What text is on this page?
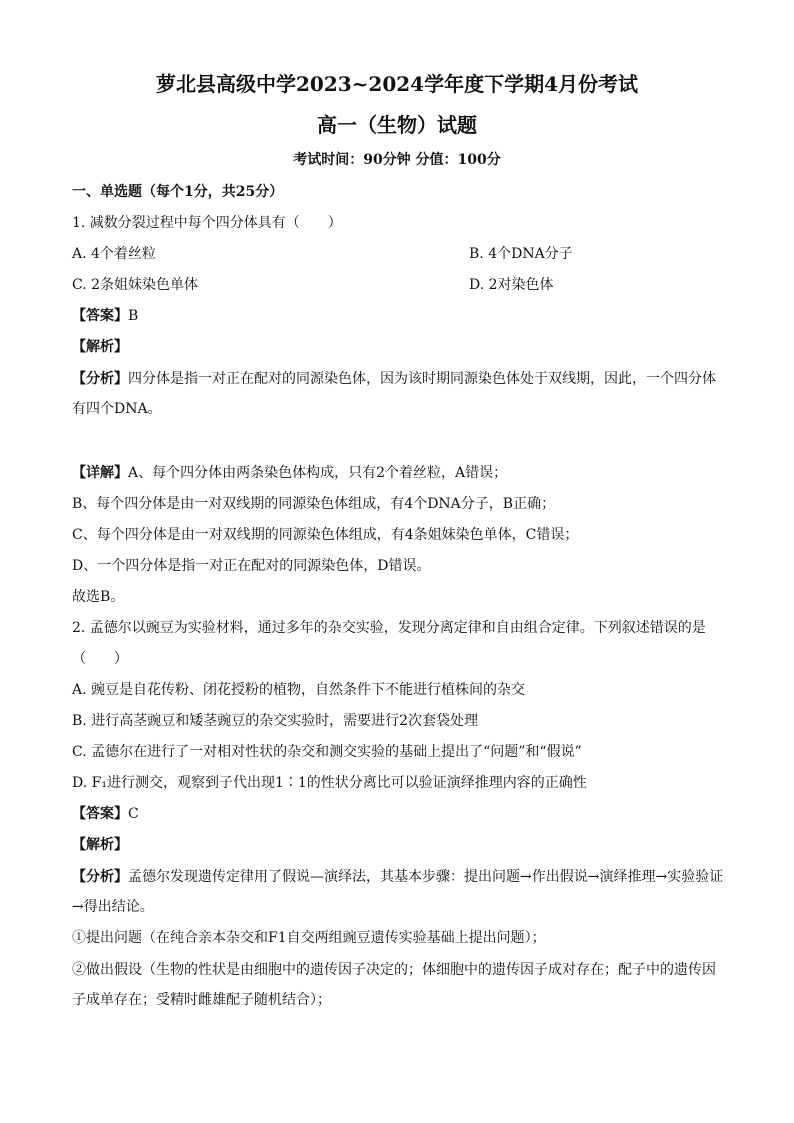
萝北县高级中学2023~2024学年度下学期4月份考试
高一（生物）试题
考试时间：90分钟 分值：100分
一、单选题（每个1分，共25分）
1. 减数分裂过程中每个四分体具有（　　）
A. 4个着丝粒	B. 4个DNA分子
C. 2条姐妹染色单体	D. 2对染色体
【答案】B
【解析】
【分析】四分体是指一对正在配对的同源染色体，因为该时期同源染色体处于双线期，因此，一个四分体有四个DNA。
【详解】A、每个四分体由两条染色体构成，只有2个着丝粒，A错误；
B、每个四分体是由一对双线期的同源染色体组成，有4个DNA分子，B正确；
C、每个四分体是由一对双线期的同源染色体组成，有4条姐妹染色单体，C错误；
D、一个四分体是指一对正在配对的同源染色体，D错误。
故选B。
2. 孟德尔以豌豆为实验材料，通过多年的杂交实验，发现分离定律和自由组合定律。下列叙述错误的是
（　　）
A. 豌豆是自花传粉、闭花授粉的植物，自然条件下不能进行植株间的杂交
B. 进行高茎豌豆和矮茎豌豆的杂交实验时，需要进行2次套袋处理
C. 孟德尔在进行了一对相对性状的杂交和测交实验的基础上提出了“问题”和“假说”
D. F₁进行测交，观察到子代出现1∶1的性状分离比可以验证演绎推理内容的正确性
【答案】C
【解析】
【分析】孟德尔发现遗传定律用了假说—演绎法，其基本步骤：提出问题→作出假说→演绎推理→实验验证→得出结论。
①提出问题（在纯合亲本杂交和F1自交两组豌豆遗传实验基础上提出问题）；
②做出假设（生物的性状是由细胞中的遗传因子决定的；体细胞中的遗传因子成对存在；配子中的遗传因子成单存在；受精时雌雄配子随机结合）；
